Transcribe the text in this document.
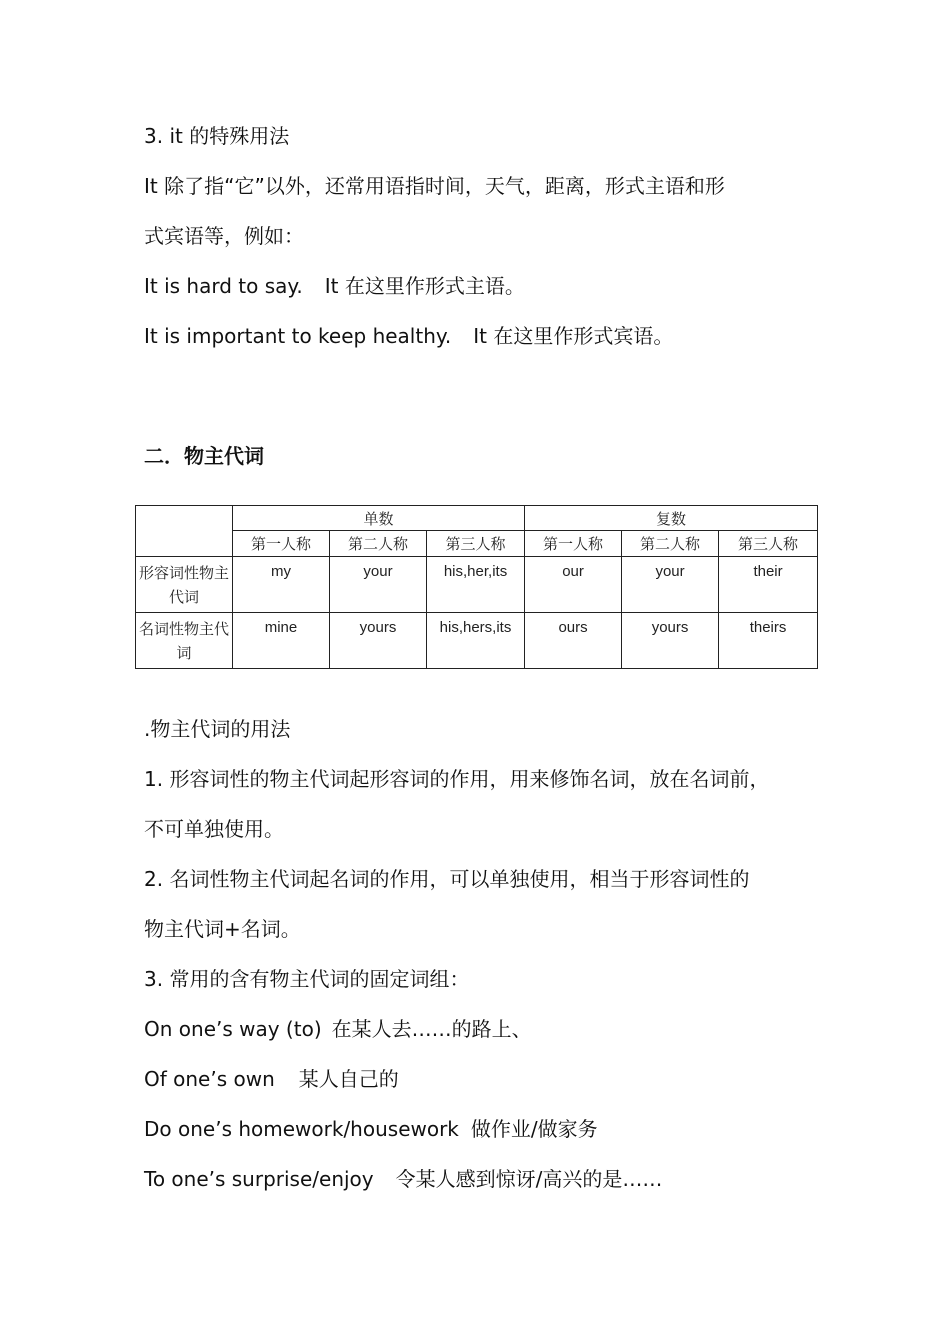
3. it 的特殊用法
It 除了指“它”以外，还常用语指时间，天气，距离，形式主语和形
式宾语等，例如：
It is hard to say. It 在这里作形式主语。
It is important to keep healthy. It 在这里作形式宾语。
二．物主代词
	单数			复数		
	第一人称	第二人称	第三人称	第一人称	第二人称	第三人称
形容词性物主代词	my	your	his,her,its	our	your	their
名词性物主代词	mine	yours	his,hers,its	ours	yours	theirs
.物主代词的用法
1. 形容词性的物主代词起形容词的作用，用来修饰名词，放在名词前，
不可单独使用。
2. 名词性物主代词起名词的作用，可以单独使用，相当于形容词性的
物主代词+名词。
3. 常用的含有物主代词的固定词组：
On one’s way (to) 在某人去……的路上、
Of one’s own 某人自己的
Do one’s homework/housework 做作业/做家务
To one’s surprise/enjoy 令某人感到惊讶/高兴的是……
